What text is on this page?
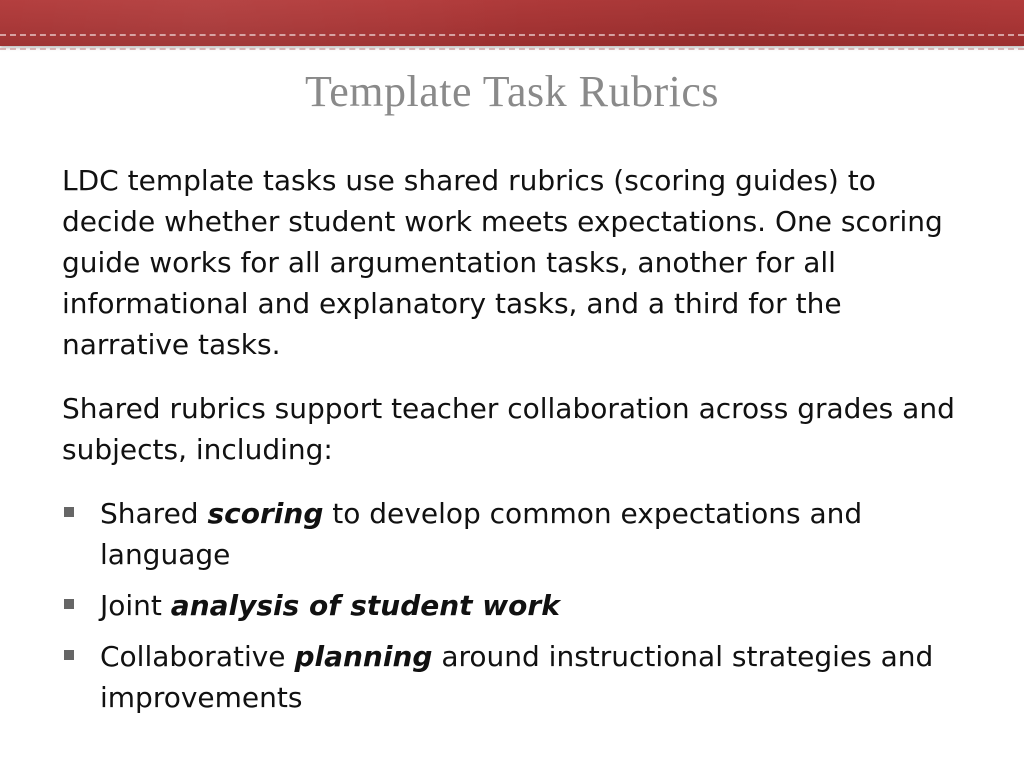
Template Task Rubrics

LDC template tasks use shared rubrics (scoring guides) to decide whether student work meets expectations. One scoring guide works for all argumentation tasks, another for all informational and explanatory tasks, and a third for the narrative tasks.

Shared rubrics support teacher collaboration across grades and subjects, including:

Shared scoring to develop common expectations and language
Joint analysis of student work
Collaborative planning around instructional strategies and improvements
